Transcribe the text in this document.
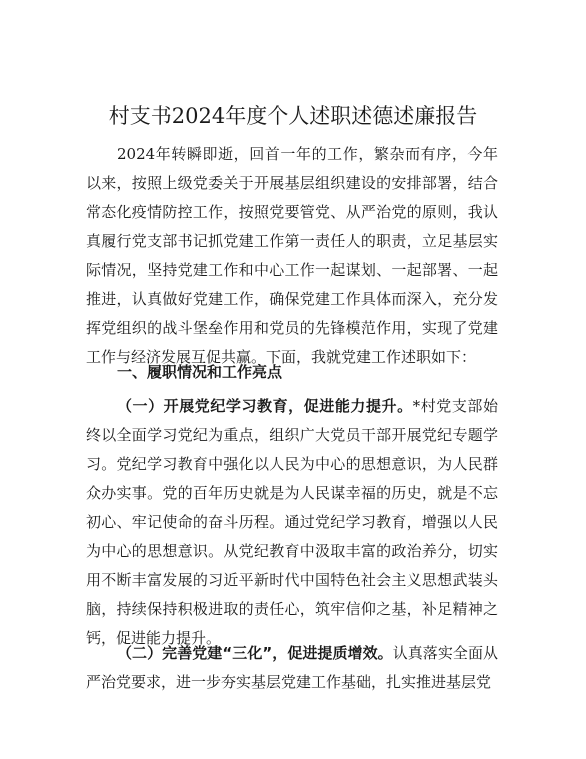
村支书2024年度个人述职述德述廉报告

2024年转瞬即逝，回首一年的工作，繁杂而有序，今年以来，按照上级党委关于开展基层组织建设的安排部署，结合常态化疫情防控工作，按照党要管党、从严治党的原则，我认真履行党支部书记抓党建工作第一责任人的职责，立足基层实际情况，坚持党建工作和中心工作一起谋划、一起部署、一起推进，认真做好党建工作，确保党建工作具体而深入，充分发挥党组织的战斗堡垒作用和党员的先锋模范作用，实现了党建工作与经济发展互促共赢。下面，我就党建工作述职如下：

一、履职情况和工作亮点

（一）开展党纪学习教育，促进能力提升。*村党支部始终以全面学习党纪为重点，组织广大党员干部开展党纪专题学习。党纪学习教育中强化以人民为中心的思想意识，为人民群众办实事。党的百年历史就是为人民谋幸福的历史，就是不忘初心、牢记使命的奋斗历程。通过党纪学习教育，增强以人民为中心的思想意识。从党纪教育中汲取丰富的政治养分，切实用不断丰富发展的习近平新时代中国特色社会主义思想武装头脑，持续保持积极进取的责任心，筑牢信仰之基，补足精神之钙，促进能力提升。

（二）完善党建“三化”，促进提质增效。认真落实全面从严治党要求，进一步夯实基层党建工作基础，扎实推进基层党
